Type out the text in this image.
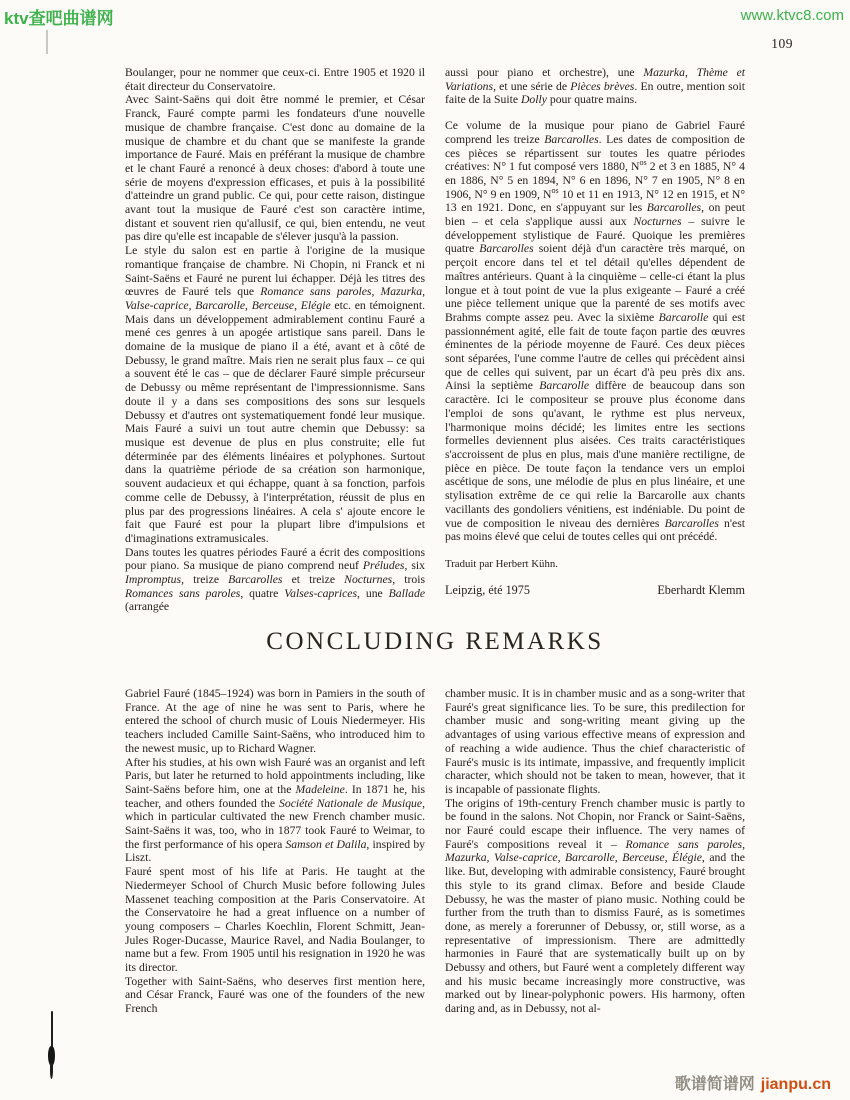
ktv查吧曲谱网	www.ktvc8.com
109

Boulanger, pour ne nommer que ceux-ci. Entre 1905 et 1920 il était directeur du Conservatoire.

Avec Saint-Saëns qui doit être nommé le premier, et César Franck, Fauré compte parmi les fondateurs d'une nouvelle musique de chambre française. C'est donc au domaine de la musique de chambre et du chant que se manifeste la grande importance de Fauré. Mais en préférant la musique de chambre et le chant Fauré a renoncé à deux choses: d'abord à toute une série de moyens d'expression efficases, et puis à la possibilité d'atteindre un grand public. Ce qui, pour cette raison, distingue avant tout la musique de Fauré c'est son caractère intime, distant et souvent rien qu'allusif, ce qui, bien entendu, ne veut pas dire qu'elle est incapable de s'élever jusqu'à la passion.

Le style du salon est en partie à l'origine de la musique romantique française de chambre. Ni Chopin, ni Franck et ni Saint-Saëns et Fauré ne purent lui échapper. Déjà les titres des œuvres de Fauré tels que Romance sans paroles, Mazurka, Valse-caprice, Barcarolle, Berceuse, Elégie etc. en témoignent. Mais dans un développement admirablement continu Fauré a mené ces genres à un apogée artistique sans pareil. Dans le domaine de la musique de piano il a été, avant et à côté de Debussy, le grand maître. Mais rien ne serait plus faux – ce qui a souvent été le cas – que de déclarer Fauré simple précurseur de Debussy ou même représentant de l'impressionnisme. Sans doute il y a dans ses compositions des sons sur lesquels Debussy et d'autres ont systematiquement fondé leur musique. Mais Fauré a suivi un tout autre chemin que Debussy: sa musique est devenue de plus en plus construite; elle fut déterminée par des éléments linéaires et polyphones. Surtout dans la quatrième période de sa création son harmonique, souvent audacieux et qui échappe, quant à sa fonction, parfois comme celle de Debussy, à l'interprétation, réussit de plus en plus par des progressions linéaires. A cela s' ajoute encore le fait que Fauré est pour la plupart libre d'impulsions et d'imaginations extramusicales.

Dans toutes les quatres périodes Fauré a écrit des compositions pour piano. Sa musique de piano comprend neuf Préludes, six Impromptus, treize Barcarolles et treize Nocturnes, trois Romances sans paroles, quatre Valses-caprices, une Ballade (arrangée

aussi pour piano et orchestre), une Mazurka, Thème et Variations, et une série de Pièces brèves. En outre, mention soit faite de la Suite Dolly pour quatre mains.

Ce volume de la musique pour piano de Gabriel Fauré comprend les treize Barcarolles. Les dates de composition de ces pièces se répartissent sur toutes les quatre périodes créatives: N° 1 fut composé vers 1880, $N^{os}$ 2 et 3 en 1885, N° 4 en 1886, N° 5 en 1894, N° 6 en 1896, N° 7 en 1905, N° 8 en 1906, N° 9 en 1909, $N^{os}$ 10 et 11 en 1913, N° 12 en 1915, et N° 13 en 1921. Donc, en s'appuyant sur les Barcarolles, on peut bien – et cela s'applique aussi aux Nocturnes – suivre le développement stylistique de Fauré. Quoique les premières quatre Barcarolles soient déjà d'un caractère très marqué, on perçoit encore dans tel et tel détail qu'elles dépendent de maîtres antérieurs. Quant à la cinquième – celle-ci étant la plus longue et à tout point de vue la plus exigeante – Fauré a créé une pièce tellement unique que la parenté de ses motifs avec Brahms compte assez peu. Avec la sixième Barcarolle qui est passionnément agité, elle fait de toute façon partie des œuvres éminentes de la période moyenne de Fauré. Ces deux pièces sont séparées, l'une comme l'autre de celles qui précèdent ainsi que de celles qui suivent, par un écart d'à peu près dix ans. Ainsi la septième Barcarolle diffère de beaucoup dans son caractère. Ici le compositeur se prouve plus économe dans l'emploi de sons qu'avant, le rythme est plus nerveux, l'harmonique moins décidé; les limites entre les sections formelles deviennent plus aisées. Ces traits caractéristiques s'accroissent de plus en plus, mais d'une manière rectiligne, de pièce en pièce. De toute façon la tendance vers un emploi ascétique de sons, une mélodie de plus en plus linéaire, et une stylisation extrême de ce qui relie la Barcarolle aux chants vacillants des gondoliers vénitiens, est indéniable. Du point de vue de composition le niveau des dernières Barcarolles n'est pas moins élevé que celui de toutes celles qui ont précédé.

Traduit par Herbert Kühn.

Leipzig, été 1975	Eberhardt Klemm
CONCLUDING REMARKS

Gabriel Fauré (1845–1924) was born in Pamiers in the south of France. At the age of nine he was sent to Paris, where he entered the school of church music of Louis Niedermeyer. His teachers included Camille Saint-Saëns, who introduced him to the newest music, up to Richard Wagner.

After his studies, at his own wish Fauré was an organist and left Paris, but later he returned to hold appointments including, like Saint-Saëns before him, one at the Madeleine. In 1871 he, his teacher, and others founded the Société Nationale de Musique, which in particular cultivated the new French chamber music. Saint-Saëns it was, too, who in 1877 took Fauré to Weimar, to the first performance of his opera Samson et Dalila, inspired by Liszt.

Fauré spent most of his life at Paris. He taught at the Niedermeyer School of Church Music before following Jules Massenet teaching composition at the Paris Conservatoire. At the Conservatoire he had a great influence on a number of young composers – Charles Koechlin, Florent Schmitt, Jean-Jules Roger-Ducasse, Maurice Ravel, and Nadia Boulanger, to name but a few. From 1905 until his resignation in 1920 he was its director.

Together with Saint-Saëns, who deserves first mention here, and César Franck, Fauré was one of the founders of the new French

chamber music. It is in chamber music and as a song-writer that Fauré's great significance lies. To be sure, this predilection for chamber music and song-writing meant giving up the advantages of using various effective means of expression and of reaching a wide audience. Thus the chief characteristic of Fauré's music is its intimate, impassive, and frequently implicit character, which should not be taken to mean, however, that it is incapable of passionate flights.

The origins of 19th-century French chamber music is partly to be found in the salons. Not Chopin, nor Franck or Saint-Saëns, nor Fauré could escape their influence. The very names of Fauré's compositions reveal it – Romance sans paroles, Mazurka, Valse-caprice, Barcarolle, Berceuse, Élégie, and the like. But, developing with admirable consistency, Fauré brought this style to its grand climax. Before and beside Claude Debussy, he was the master of piano music. Nothing could be further from the truth than to dismiss Fauré, as is sometimes done, as merely a forerunner of Debussy, or, still worse, as a representative of impressionism. There are admittedly harmonies in Fauré that are systematically built up on by Debussy and others, but Fauré went a completely different way and his music became increasingly more constructive, was marked out by linear-polyphonic powers. His harmony, often daring and, as in Debussy, not al-

歌谱简谱网 jianpu.cn
